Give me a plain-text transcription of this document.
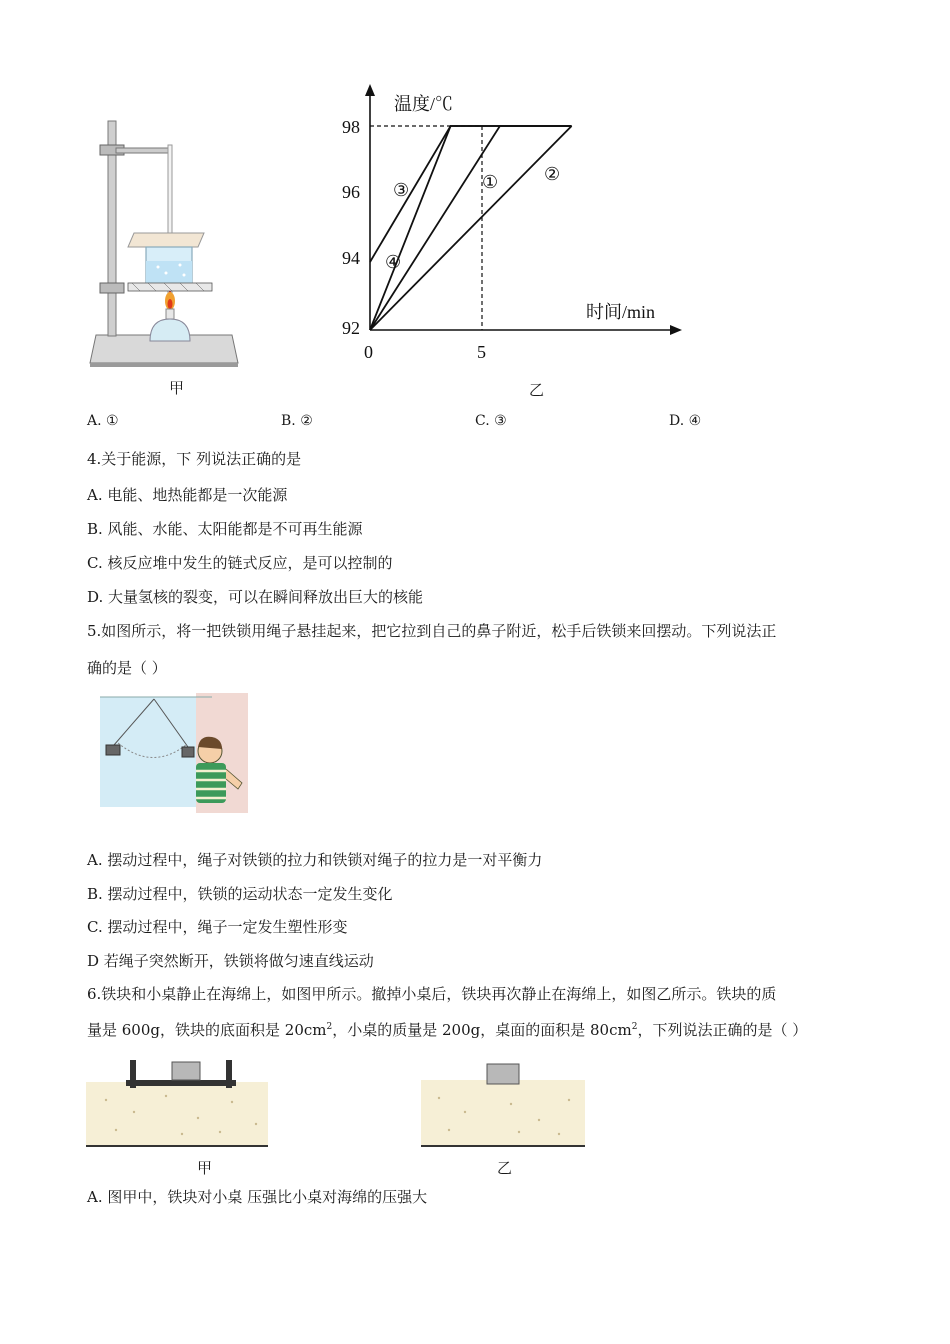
甲
温度/℃
时间/min
98
96
94
92
0	5
①	②
③
④
乙
A. ①	B. ②	C. ③	D. ④
4.关于能源，下 列说法正确的是
A. 电能、地热能都是一次能源
B. 风能、水能、太阳能都是不可再生能源
C. 核反应堆中发生的链式反应，是可以控制的
D. 大量氢核的裂变，可以在瞬间释放出巨大的核能
5.如图所示，将一把铁锁用绳子悬挂起来，把它拉到自己的鼻子附近，松手后铁锁来回摆动。下列说法正
确的是（ ）
A. 摆动过程中，绳子对铁锁的拉力和铁锁对绳子的拉力是一对平衡力
B. 摆动过程中，铁锁的运动状态一定发生变化
C. 摆动过程中，绳子一定发生塑性形变
D 若绳子突然断开，铁锁将做匀速直线运动
6.铁块和小桌静止在海绵上，如图甲所示。撤掉小桌后，铁块再次静止在海绵上，如图乙所示。铁块的质
量是 600g，铁块的底面积是 $20cm^2$，小桌的质量是 200g，桌面的面积是 $80cm^2$，下列说法正确的是（ ）
甲	乙
A. 图甲中，铁块对小桌 压强比小桌对海绵的压强大
